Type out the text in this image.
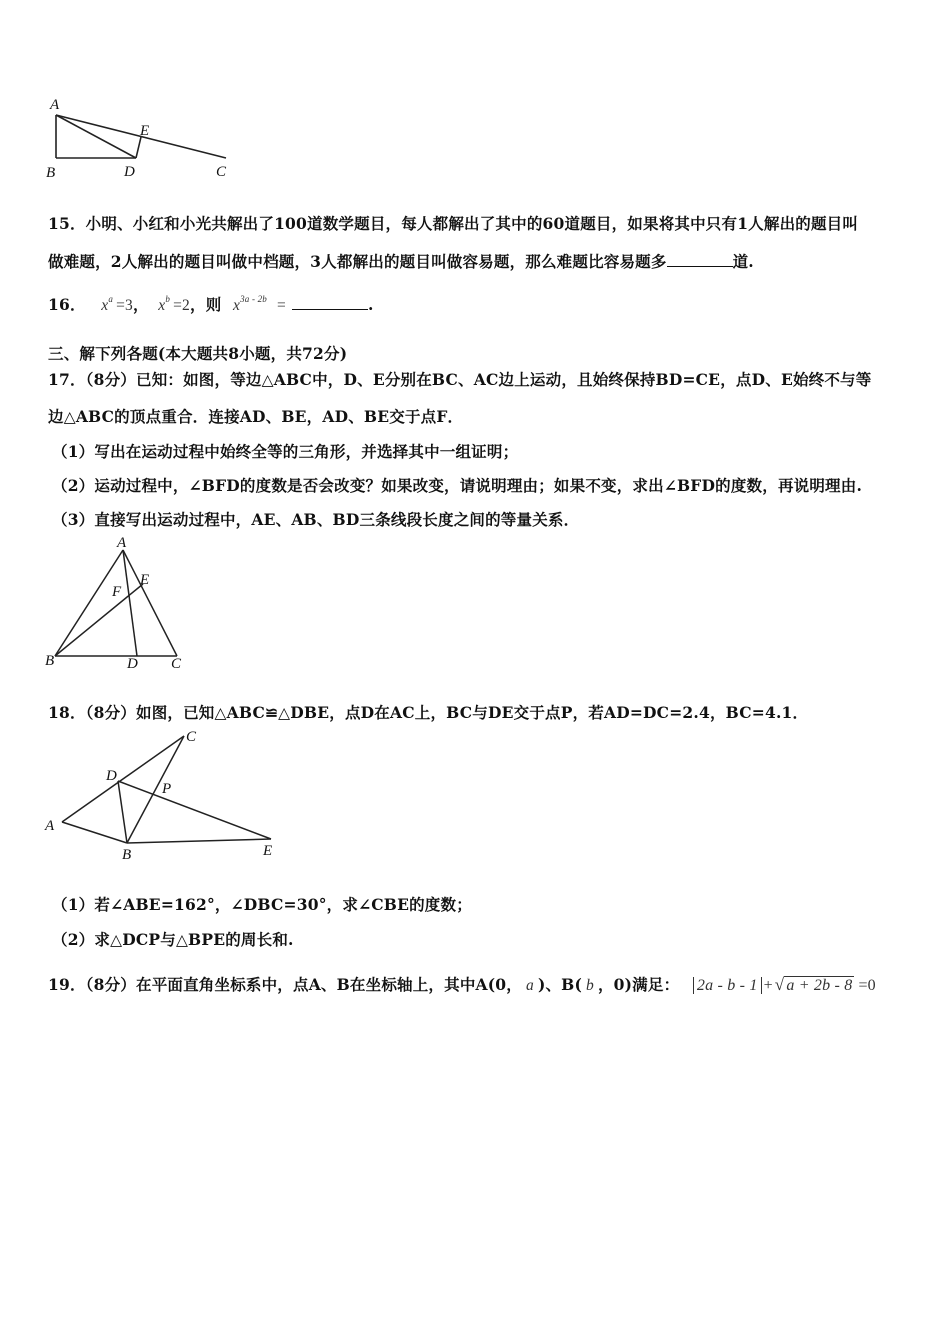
A
B	D
E
C
15．小明、小红和小光共解出了100道数学题目，每人都解出了其中的60道题目，如果将其中只有1人解出的题目叫
做难题，2人解出的题目叫做中档题，3人都解出的题目叫做容易题，那么难题比容易题多	道.
16． $x^a =3$， $x^b =2$，则 $x^{3a - 2b}$ =	.
三、解下列各题(本大题共8小题，共72分)
17．（8分）已知：如图，等边△ABC中，D、E分别在BC、AC边上运动，且始终保持BD=CE，点D、E始终不与等
边△ABC的顶点重合．连接AD、BE，AD、BE交于点F．
（1）写出在运动过程中始终全等的三角形，并选择其中一组证明；
（2）运动过程中，∠BFD的度数是否会改变？如果改变，请说明理由；如果不变，求出∠BFD的度数，再说明理由.
（3）直接写出运动过程中，AE、AB、BD三条线段长度之间的等量关系．
A
E
F
B	D C
18．（8分）如图，已知△ABC≌△DBE，点D在AC上，BC与DE交于点P，若AD=DC=2.4，BC=4.1．
C
D
P
A
B	E
（1）若∠ABE=162°，∠DBC=30°，求∠CBE的度数；
（2）求△DCP与△BPE的周长和.
19．（8分）在平面直角坐标系中，点A、B在坐标轴上，其中A(0， a )、B( b ，0)满足： 2a - b - 1 + √ a + 2b - 8 =0
